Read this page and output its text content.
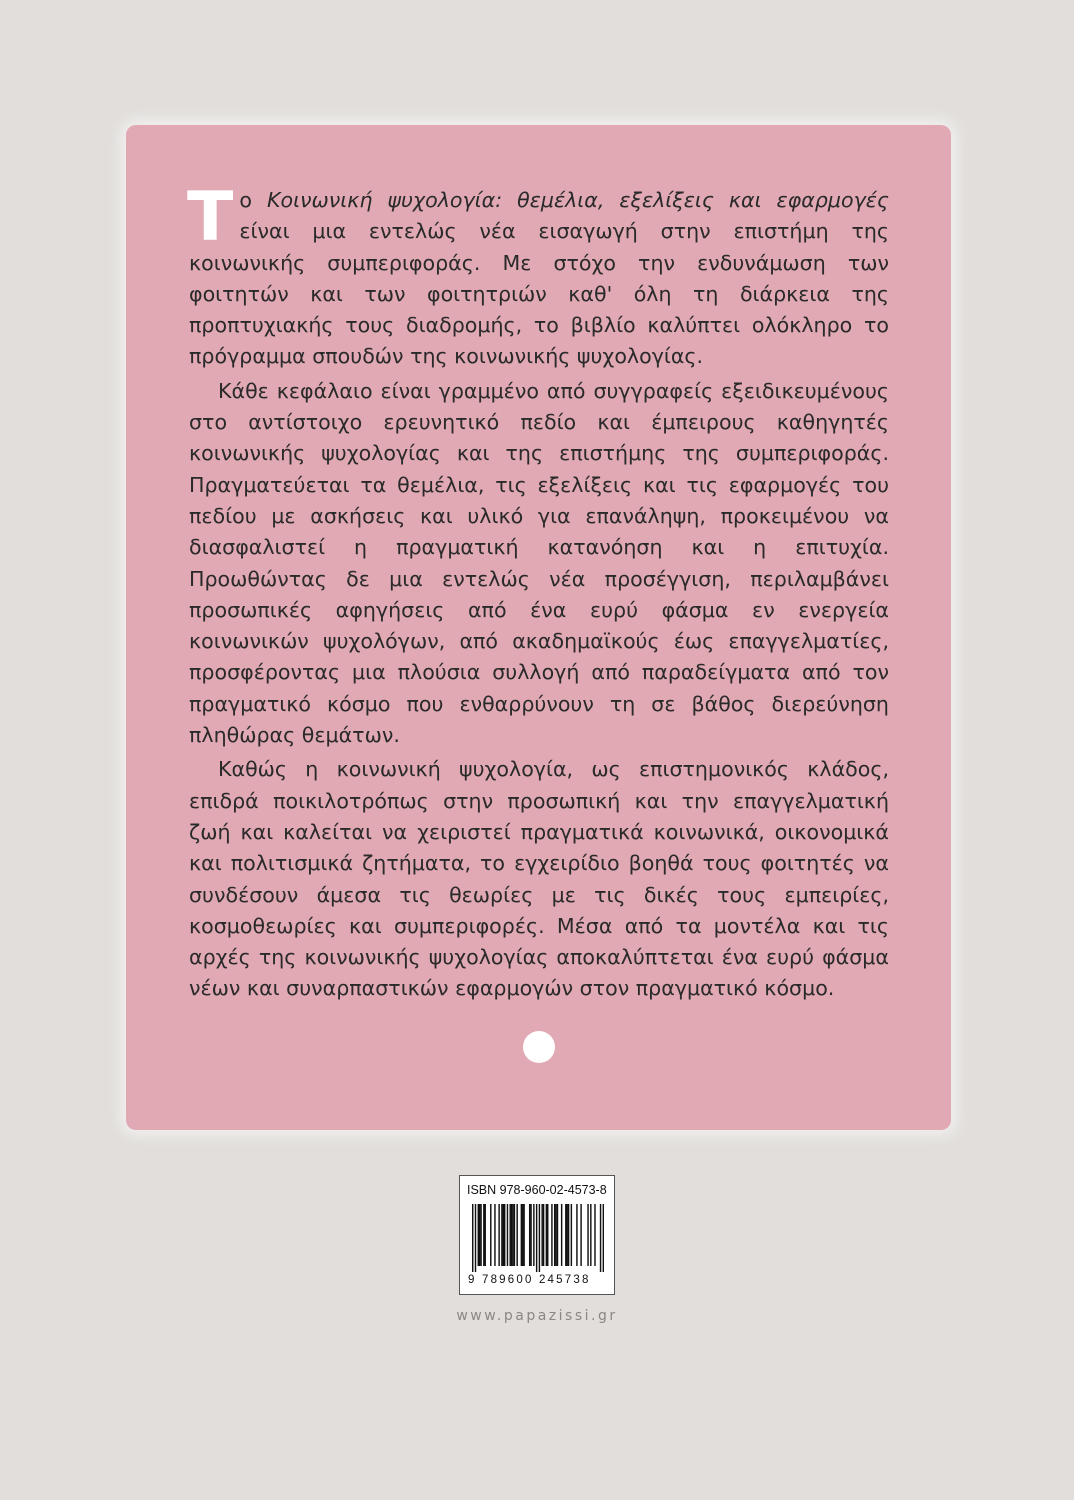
Το Κοινωνική ψυχολογία: θεμέλια, εξελίξεις και εφαρμογές είναι μια εντελώς νέα εισαγωγή στην επιστήμη της κοινωνικής συμπεριφοράς. Με στόχο την ενδυνάμωση των φοιτητών και των φοιτητριών καθ' όλη τη διάρκεια της προπτυχιακής τους διαδρομής, το βιβλίο καλύπτει ολόκληρο το πρόγραμμα σπουδών της κοινωνικής ψυχολογίας.

Κάθε κεφάλαιο είναι γραμμένο από συγγραφείς εξειδικευμένους στο αντίστοιχο ερευνητικό πεδίο και έμπειρους καθηγητές κοινωνικής ψυχολογίας και της επιστήμης της συμπεριφοράς. Πραγματεύεται τα θεμέλια, τις εξελίξεις και τις εφαρμογές του πεδίου με ασκήσεις και υλικό για επανάληψη, προκειμένου να διασφαλιστεί η πραγματική κατανόηση και η επιτυχία. Προωθώντας δε μια εντελώς νέα προσέγγιση, περιλαμβάνει προσωπικές αφηγήσεις από ένα ευρύ φάσμα εν ενεργεία κοινωνικών ψυχολόγων, από ακαδημαϊκούς έως επαγγελματίες, προσφέροντας μια πλούσια συλλογή από παραδείγματα από τον πραγματικό κόσμο που ενθαρρύνουν τη σε βάθος διερεύνηση πληθώρας θεμάτων.

Καθώς η κοινωνική ψυχολογία, ως επιστημονικός κλάδος, επιδρά ποικιλοτρόπως στην προσωπική και την επαγγελματική ζωή και καλείται να χειριστεί πραγματικά κοινωνικά, οικονομικά και πολιτισμικά ζητήματα, το εγχειρίδιο βοηθά τους φοιτητές να συνδέσουν άμεσα τις θεωρίες με τις δικές τους εμπειρίες, κοσμοθεωρίες και συμπεριφορές. Μέσα από τα μοντέλα και τις αρχές της κοινωνικής ψυχολογίας αποκαλύπτεται ένα ευρύ φάσμα νέων και συναρπαστικών εφαρμογών στον πραγματικό κόσμο.

ISBN 978-960-02-4573-8
9 789600 245738
www.papazissi.gr
